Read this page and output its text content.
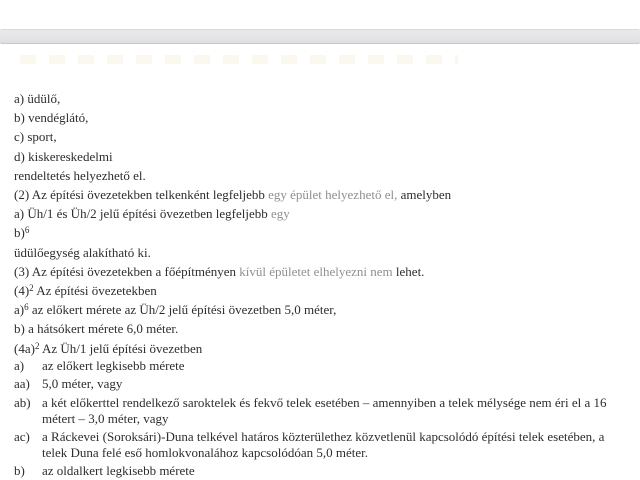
a) üdülő,

b) vendéglátó,

c) sport,

d) kiskereskedelmi

rendeltetés helyezhető el.

(2) Az építési övezetekben telkenként legfeljebb egy épület helyezhető el, amelyben

a) Üh/1 és Üh/2 jelű építési övezetben legfeljebb egy

b)$^6$

üdülőegység alakítható ki.

(3) Az építési övezetekben a főépítményen kívül épületet elhelyezni nem lehet.

$(4)^2$ Az építési övezetekben

a)$^6$ az előkert mérete az Üh/2 jelű építési övezetben 5,0 méter,

b) a hátsókert mérete 6,0 méter.

$(4a)^2$ Az Üh/1 jelű építési övezetben

a) az előkert legkisebb mérete

aa) 5,0 méter, vagy

ab) a két előkerttel rendelkező saroktelek és fekvő telek esetében – amennyiben a telek mélysége nem éri el a 16 métert – 3,0 méter, vagy

ac) a Ráckevei (Soroksári)-Duna telkével határos közterülethez közvetlenül kapcsolódó építési telek esetében, a telek Duna felé eső homlokvonalához kapcsolódóan 5,0 méter.

b) az oldalkert legkisebb mérete
